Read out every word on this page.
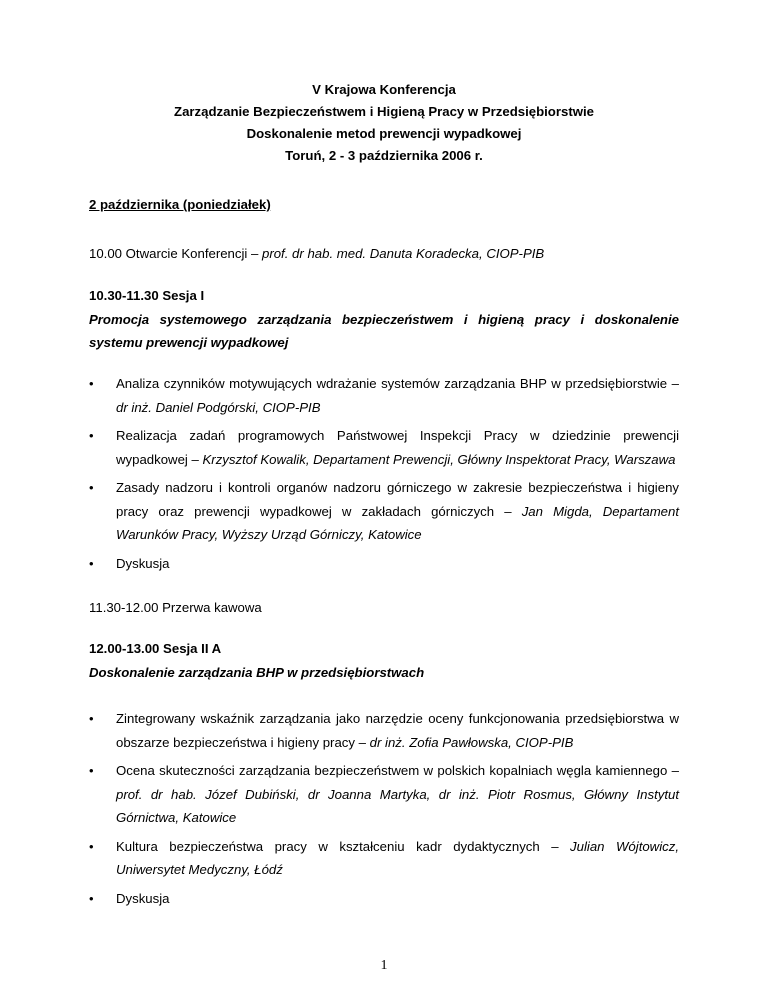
V Krajowa Konferencja
Zarządzanie Bezpieczeństwem i Higieną Pracy w Przedsiębiorstwie
Doskonalenie metod prewencji wypadkowej
Toruń, 2 - 3 października 2006 r.
2 października (poniedziałek)
10.00 Otwarcie Konferencji – prof. dr hab. med. Danuta Koradecka, CIOP-PIB
10.30-11.30 Sesja I
Promocja systemowego zarządzania bezpieczeństwem i higieną pracy i doskonalenie systemu prewencji wypadkowej
• Analiza czynników motywujących wdrażanie systemów zarządzania BHP w przedsiębiorstwie – dr inż. Daniel Podgórski, CIOP-PIB
• Realizacja zadań programowych Państwowej Inspekcji Pracy w dziedzinie prewencji wypadkowej – Krzysztof Kowalik, Departament Prewencji, Główny Inspektorat Pracy, Warszawa
• Zasady nadzoru i kontroli organów nadzoru górniczego w zakresie bezpieczeństwa i higieny pracy oraz prewencji wypadkowej w zakładach górniczych – Jan Migda, Departament Warunków Pracy, Wyższy Urząd Górniczy, Katowice
• Dyskusja
11.30-12.00 Przerwa kawowa
12.00-13.00 Sesja II A
Doskonalenie zarządzania BHP w przedsiębiorstwach
• Zintegrowany wskaźnik zarządzania jako narzędzie oceny funkcjonowania przedsiębiorstwa w obszarze bezpieczeństwa i higieny pracy – dr inż. Zofia Pawłowska, CIOP-PIB
• Ocena skuteczności zarządzania bezpieczeństwem w polskich kopalniach węgla kamiennego – prof. dr hab. Józef Dubiński, dr Joanna Martyka, dr inż. Piotr Rosmus, Główny Instytut Górnictwa, Katowice
• Kultura bezpieczeństwa pracy w kształceniu kadr dydaktycznych – Julian Wójtowicz, Uniwersytet Medyczny, Łódź
• Dyskusja
1
